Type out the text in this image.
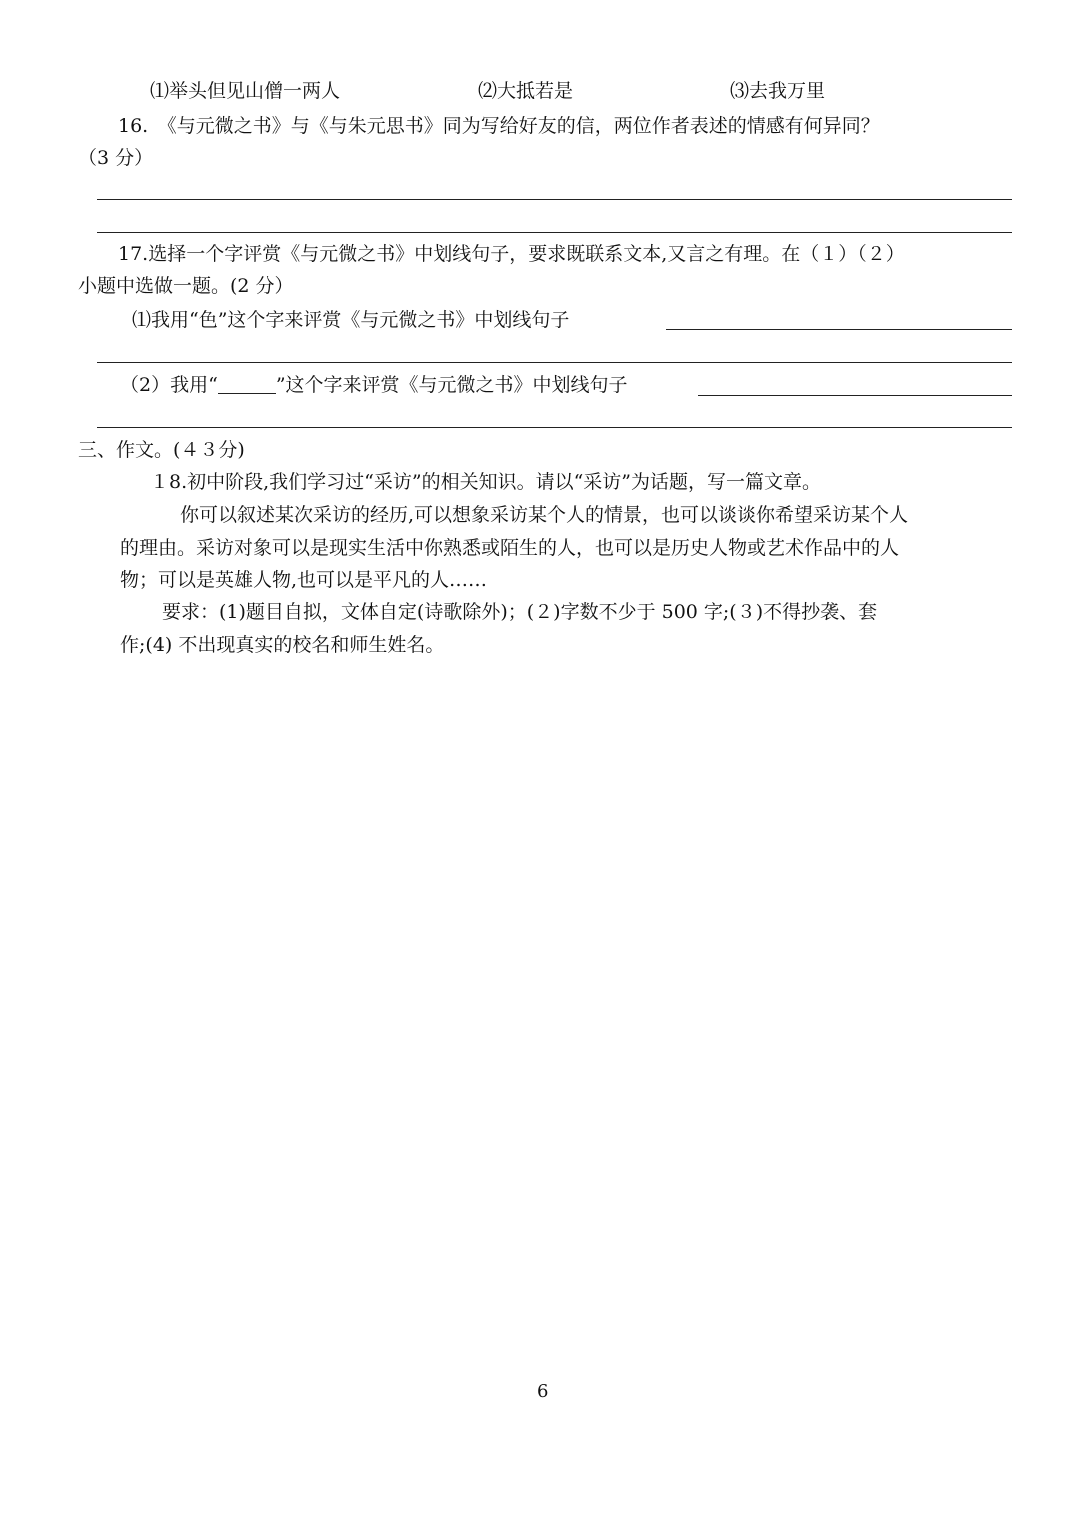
⑴举头但见山僧一两人	⑵大抵若是	⑶去我万里
16.　《与元微之书》与《与朱元思书》同为写给好友的信，两位作者表述的情感有何异同？
（3 分）
17.选择一个字评赏《与元微之书》中划线句子，要求既联系文本,又言之有理。在（１）（２）
小题中选做一题。(2 分）
⑴我用“色”这个字来评赏《与元微之书》中划线句子
（2）我用“	”这个字来评赏《与元微之书》中划线句子
三、作文。(４３分)
１8.初中阶段,我们学习过“采访”的相关知识。请以“采访”为话题，写一篇文章。
你可以叙述某次采访的经历,可以想象采访某个人的情景，也可以谈谈你希望采访某个人
的理由。采访对象可以是现实生活中你熟悉或陌生的人，也可以是历史人物或艺术作品中的人
物；可以是英雄人物,也可以是平凡的人……
要求：(1)题目自拟，文体自定(诗歌除外)；(２)字数不少于 500 字;(３)不得抄袭、套
作;(4) 不出现真实的校名和师生姓名。
6
